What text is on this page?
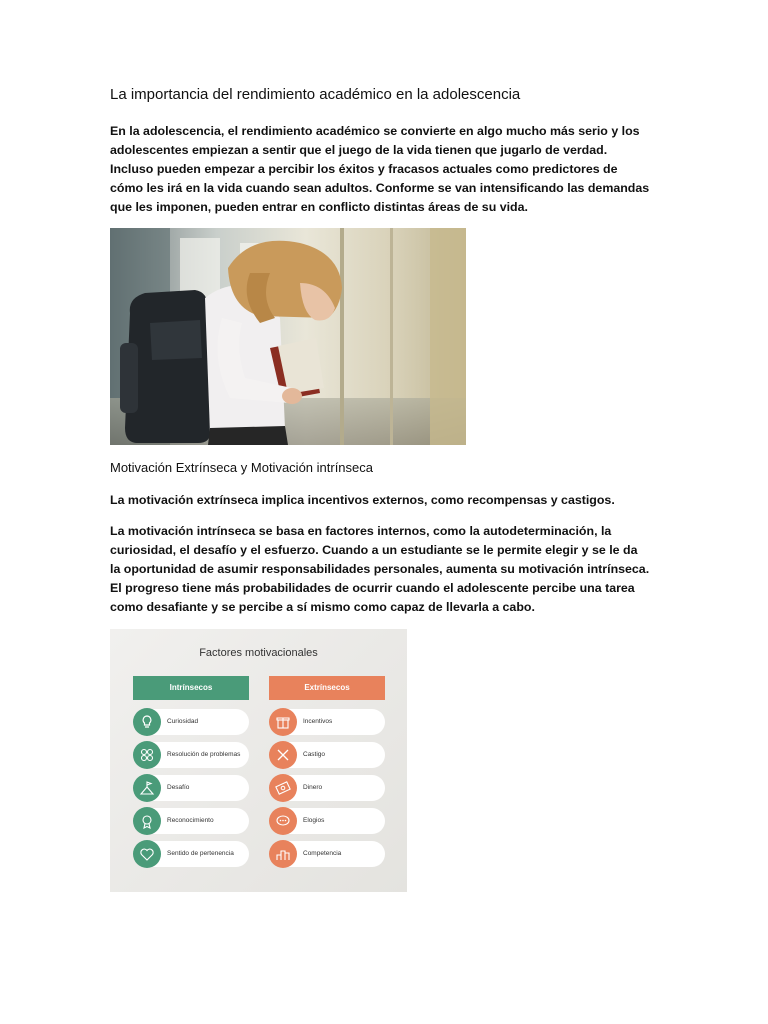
La importancia del rendimiento académico en la adolescencia

En la adolescencia, el rendimiento académico se convierte en algo mucho más serio y los adolescentes empiezan a sentir que el juego de la vida tienen que jugarlo de verdad. Incluso pueden empezar a percibir los éxitos y fracasos actuales como predictores de cómo les irá en la vida cuando sean adultos. Conforme se van intensificando las demandas que les imponen, pueden entrar en conflicto distintas áreas de su vida.

Motivación Extrínseca y Motivación intrínseca

La motivación extrínseca implica incentivos externos, como recompensas y castigos.

La motivación intrínseca se basa en factores internos, como la autodeterminación, la curiosidad, el desafío y el esfuerzo. Cuando a un estudiante se le permite elegir y se le da la oportunidad de asumir responsabilidades personales, aumenta su motivación intrínseca. El progreso tiene más probabilidades de ocurrir cuando el adolescente percibe una tarea como desafiante y se percibe a sí mismo como capaz de llevarla a cabo.

Factores motivacionales
Intrínsecos	Extrínsecos
Curiosidad
Resolución de problemas
Desafío
Reconocimiento
Sentido de pertenencia
Incentivos
Castigo
Dinero
Elogios
Competencia
